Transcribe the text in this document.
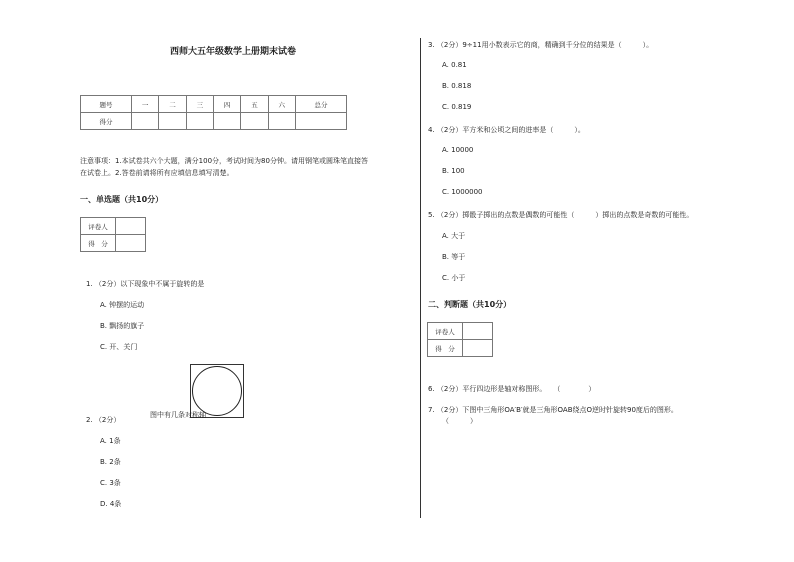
西师大五年级数学上册期末试卷
题号	一	二	三	四	五	六	总分
得分							
注意事项：1.本试卷共六个大题，满分100分，考试时间为80分钟。请用钢笔或圆珠笔直接答
在试卷上。2.答卷前请将所有应填信息填写清楚。
一、单选题（共10分）
评卷人	
得　分	
1. （2分）以下现象中不属于旋转的是
A. 钟摆的运动
B. 飘扬的旗子
C. 开、关门
2. （2分）
图中有几条对称轴
A. 1条
B. 2条
C. 3条
D. 4条
3. （2分）9÷11用小数表示它的商，精确到千分位的结果是（　　　）。
A. 0.81
B. 0.818
C. 0.819
4. （2分）平方米和公顷之间的进率是（　　　）。
A. 10000
B. 100
C. 1000000
5. （2分）掷骰子掷出的点数是偶数的可能性（　　　）掷出的点数是奇数的可能性。
A. 大于
B. 等于
C. 小于
二、判断题（共10分）
评卷人	
得　分	
6. （2分）平行四边形是轴对称图形。　　（　　　　）
7. （2分）下图中三角形OA′B′就是三角形OAB绕点O逆时针旋转90度后的图形。
（　　　）
